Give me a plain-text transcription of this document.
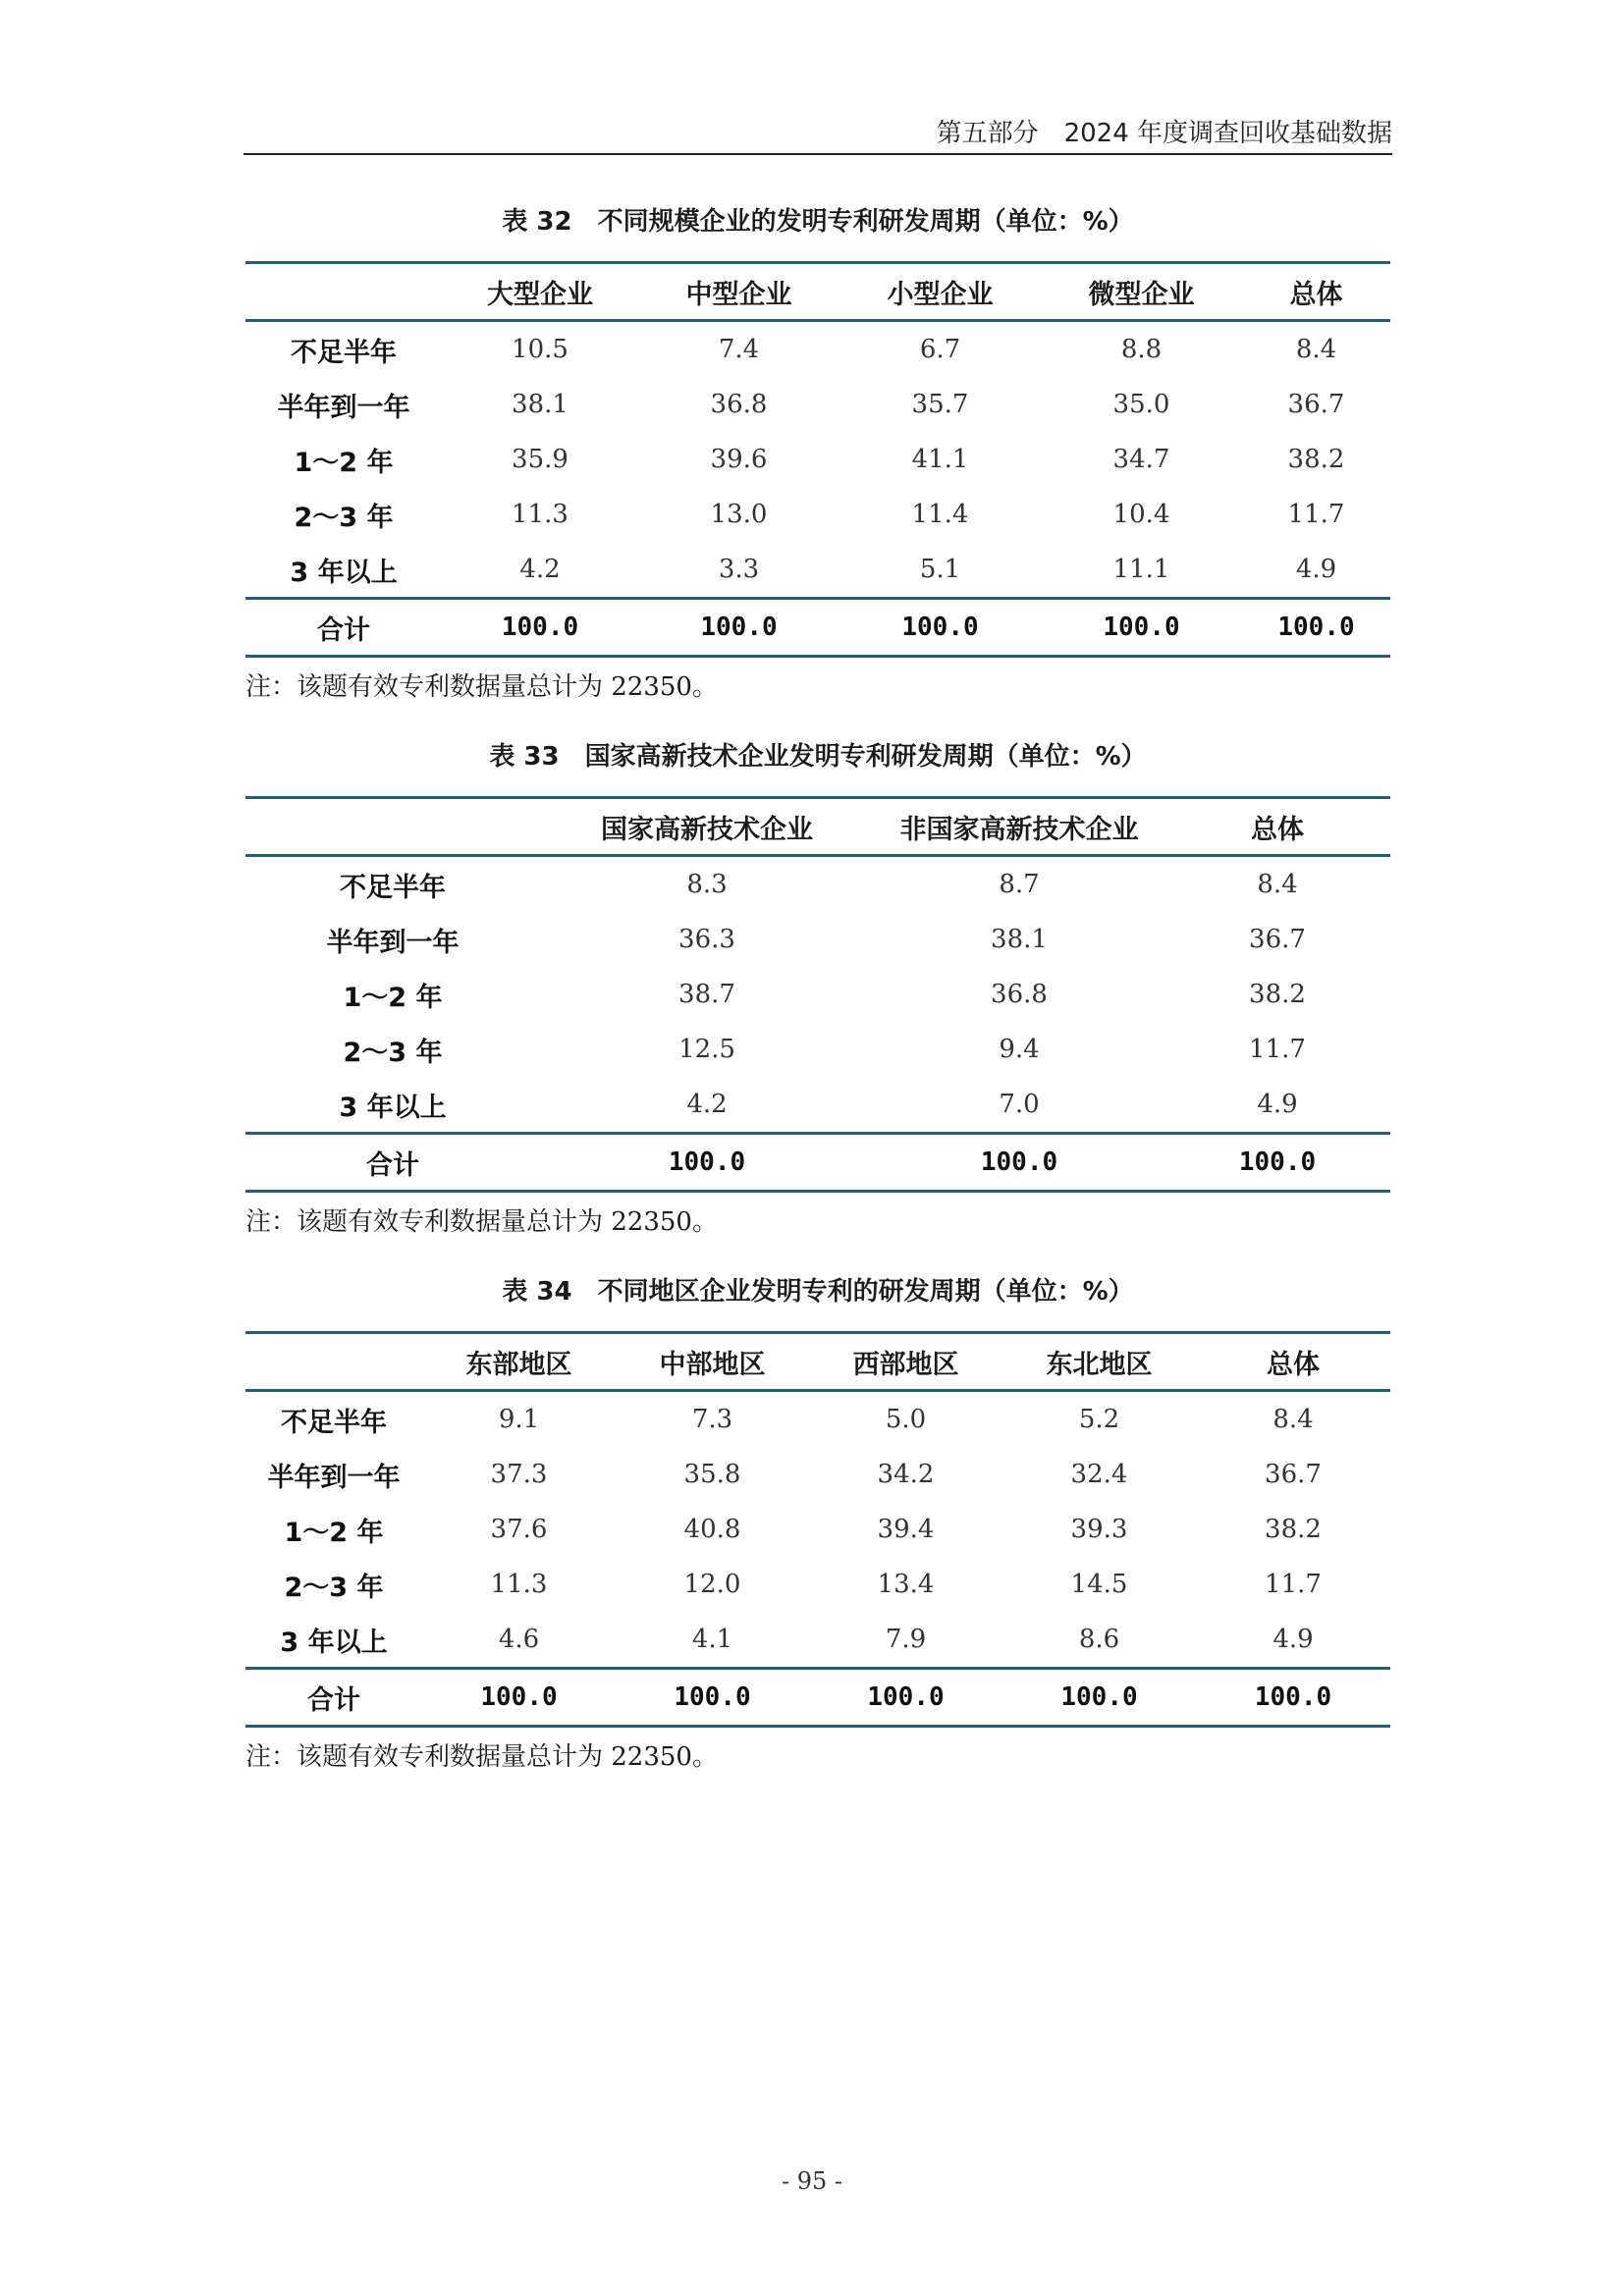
第五部分　2024 年度调查回收基础数据
表 32　不同规模企业的发明专利研发周期（单位：%）
	大型企业	中型企业	小型企业	微型企业	总体
不足半年	10.5	7.4	6.7	8.8	8.4
半年到一年	38.1	36.8	35.7	35.0	36.7
1～2 年	35.9	39.6	41.1	34.7	38.2
2～3 年	11.3	13.0	11.4	10.4	11.7
3 年以上	4.2	3.3	5.1	11.1	4.9
合计	100.0	100.0	100.0	100.0	100.0
注：该题有效专利数据量总计为 22350。
表 33　国家高新技术企业发明专利研发周期（单位：%）
	国家高新技术企业	非国家高新技术企业	总体
不足半年	8.3	8.7	8.4
半年到一年	36.3	38.1	36.7
1～2 年	38.7	36.8	38.2
2～3 年	12.5	9.4	11.7
3 年以上	4.2	7.0	4.9
合计	100.0	100.0	100.0
注：该题有效专利数据量总计为 22350。
表 34　不同地区企业发明专利的研发周期（单位：%）
	东部地区	中部地区	西部地区	东北地区	总体
不足半年	9.1	7.3	5.0	5.2	8.4
半年到一年	37.3	35.8	34.2	32.4	36.7
1～2 年	37.6	40.8	39.4	39.3	38.2
2～3 年	11.3	12.0	13.4	14.5	11.7
3 年以上	4.6	4.1	7.9	8.6	4.9
合计	100.0	100.0	100.0	100.0	100.0
注：该题有效专利数据量总计为 22350。
- 95 -
